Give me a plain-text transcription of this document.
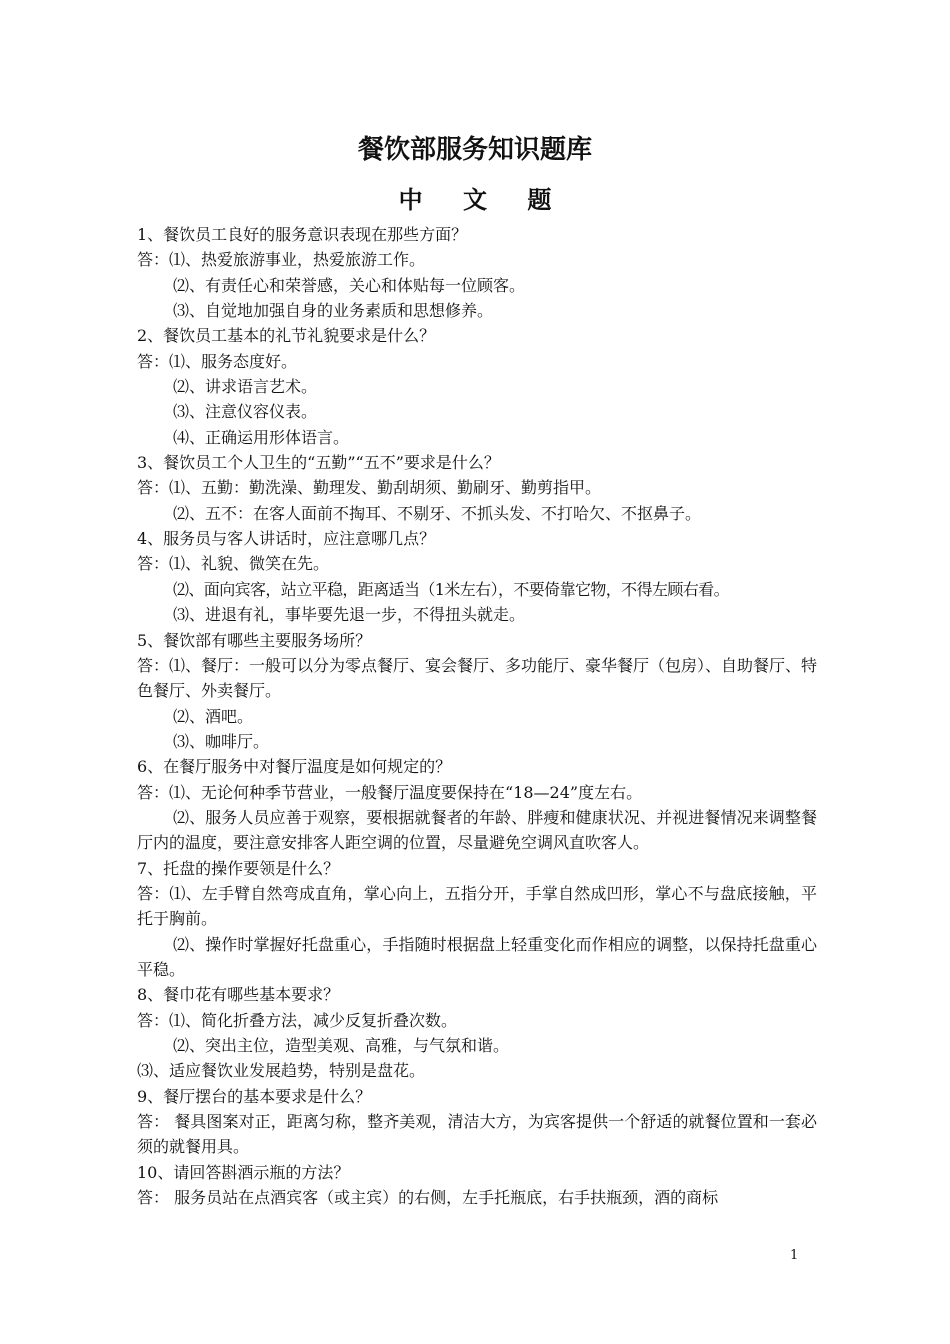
餐饮部服务知识题库
中 文 题
1、餐饮员工良好的服务意识表现在那些方面？
答：⑴、热爱旅游事业，热爱旅游工作。
⑵、有责任心和荣誉感，关心和体贴每一位顾客。
⑶、自觉地加强自身的业务素质和思想修养。
2、餐饮员工基本的礼节礼貌要求是什么？
答：⑴、服务态度好。
⑵、讲求语言艺术。
⑶、注意仪容仪表。
⑷、正确运用形体语言。
3、餐饮员工个人卫生的“五勤”“五不”要求是什么？
答：⑴、五勤：勤洗澡、勤理发、勤刮胡须、勤刷牙、勤剪指甲。
⑵、五不：在客人面前不掏耳、不剔牙、不抓头发、不打哈欠、不抠鼻子。
4、服务员与客人讲话时，应注意哪几点？
答：⑴、礼貌、微笑在先。
⑵、面向宾客，站立平稳，距离适当（1米左右），不要倚靠它物，不得左顾右看。
⑶、进退有礼，事毕要先退一步，不得扭头就走。
5、餐饮部有哪些主要服务场所？
答：⑴、餐厅：一般可以分为零点餐厅、宴会餐厅、多功能厅、豪华餐厅（包房）、自助餐厅、特色餐厅、外卖餐厅。
⑵、酒吧。
⑶、咖啡厅。
6、在餐厅服务中对餐厅温度是如何规定的？
答：⑴、无论何种季节营业，一般餐厅温度要保持在“18—24”度左右。
⑵、服务人员应善于观察，要根据就餐者的年龄、胖瘦和健康状况、并视进餐情况来调整餐厅内的温度，要注意安排客人距空调的位置，尽量避免空调风直吹客人。
7、托盘的操作要领是什么？
答：⑴、左手臂自然弯成直角，掌心向上，五指分开，手掌自然成凹形，掌心不与盘底接触，平托于胸前。
⑵、操作时掌握好托盘重心，手指随时根据盘上轻重变化而作相应的调整，以保持托盘重心平稳。
8、餐巾花有哪些基本要求？
答：⑴、简化折叠方法，减少反复折叠次数。
⑵、突出主位，造型美观、高雅，与气氛和谐。
⑶、适应餐饮业发展趋势，特别是盘花。
9、餐厅摆台的基本要求是什么？
答： 餐具图案对正，距离匀称，整齐美观，清洁大方，为宾客提供一个舒适的就餐位置和一套必须的就餐用具。
10、请回答斟酒示瓶的方法？
答： 服务员站在点酒宾客（或主宾）的右侧，左手托瓶底，右手扶瓶颈，酒的商标
1
